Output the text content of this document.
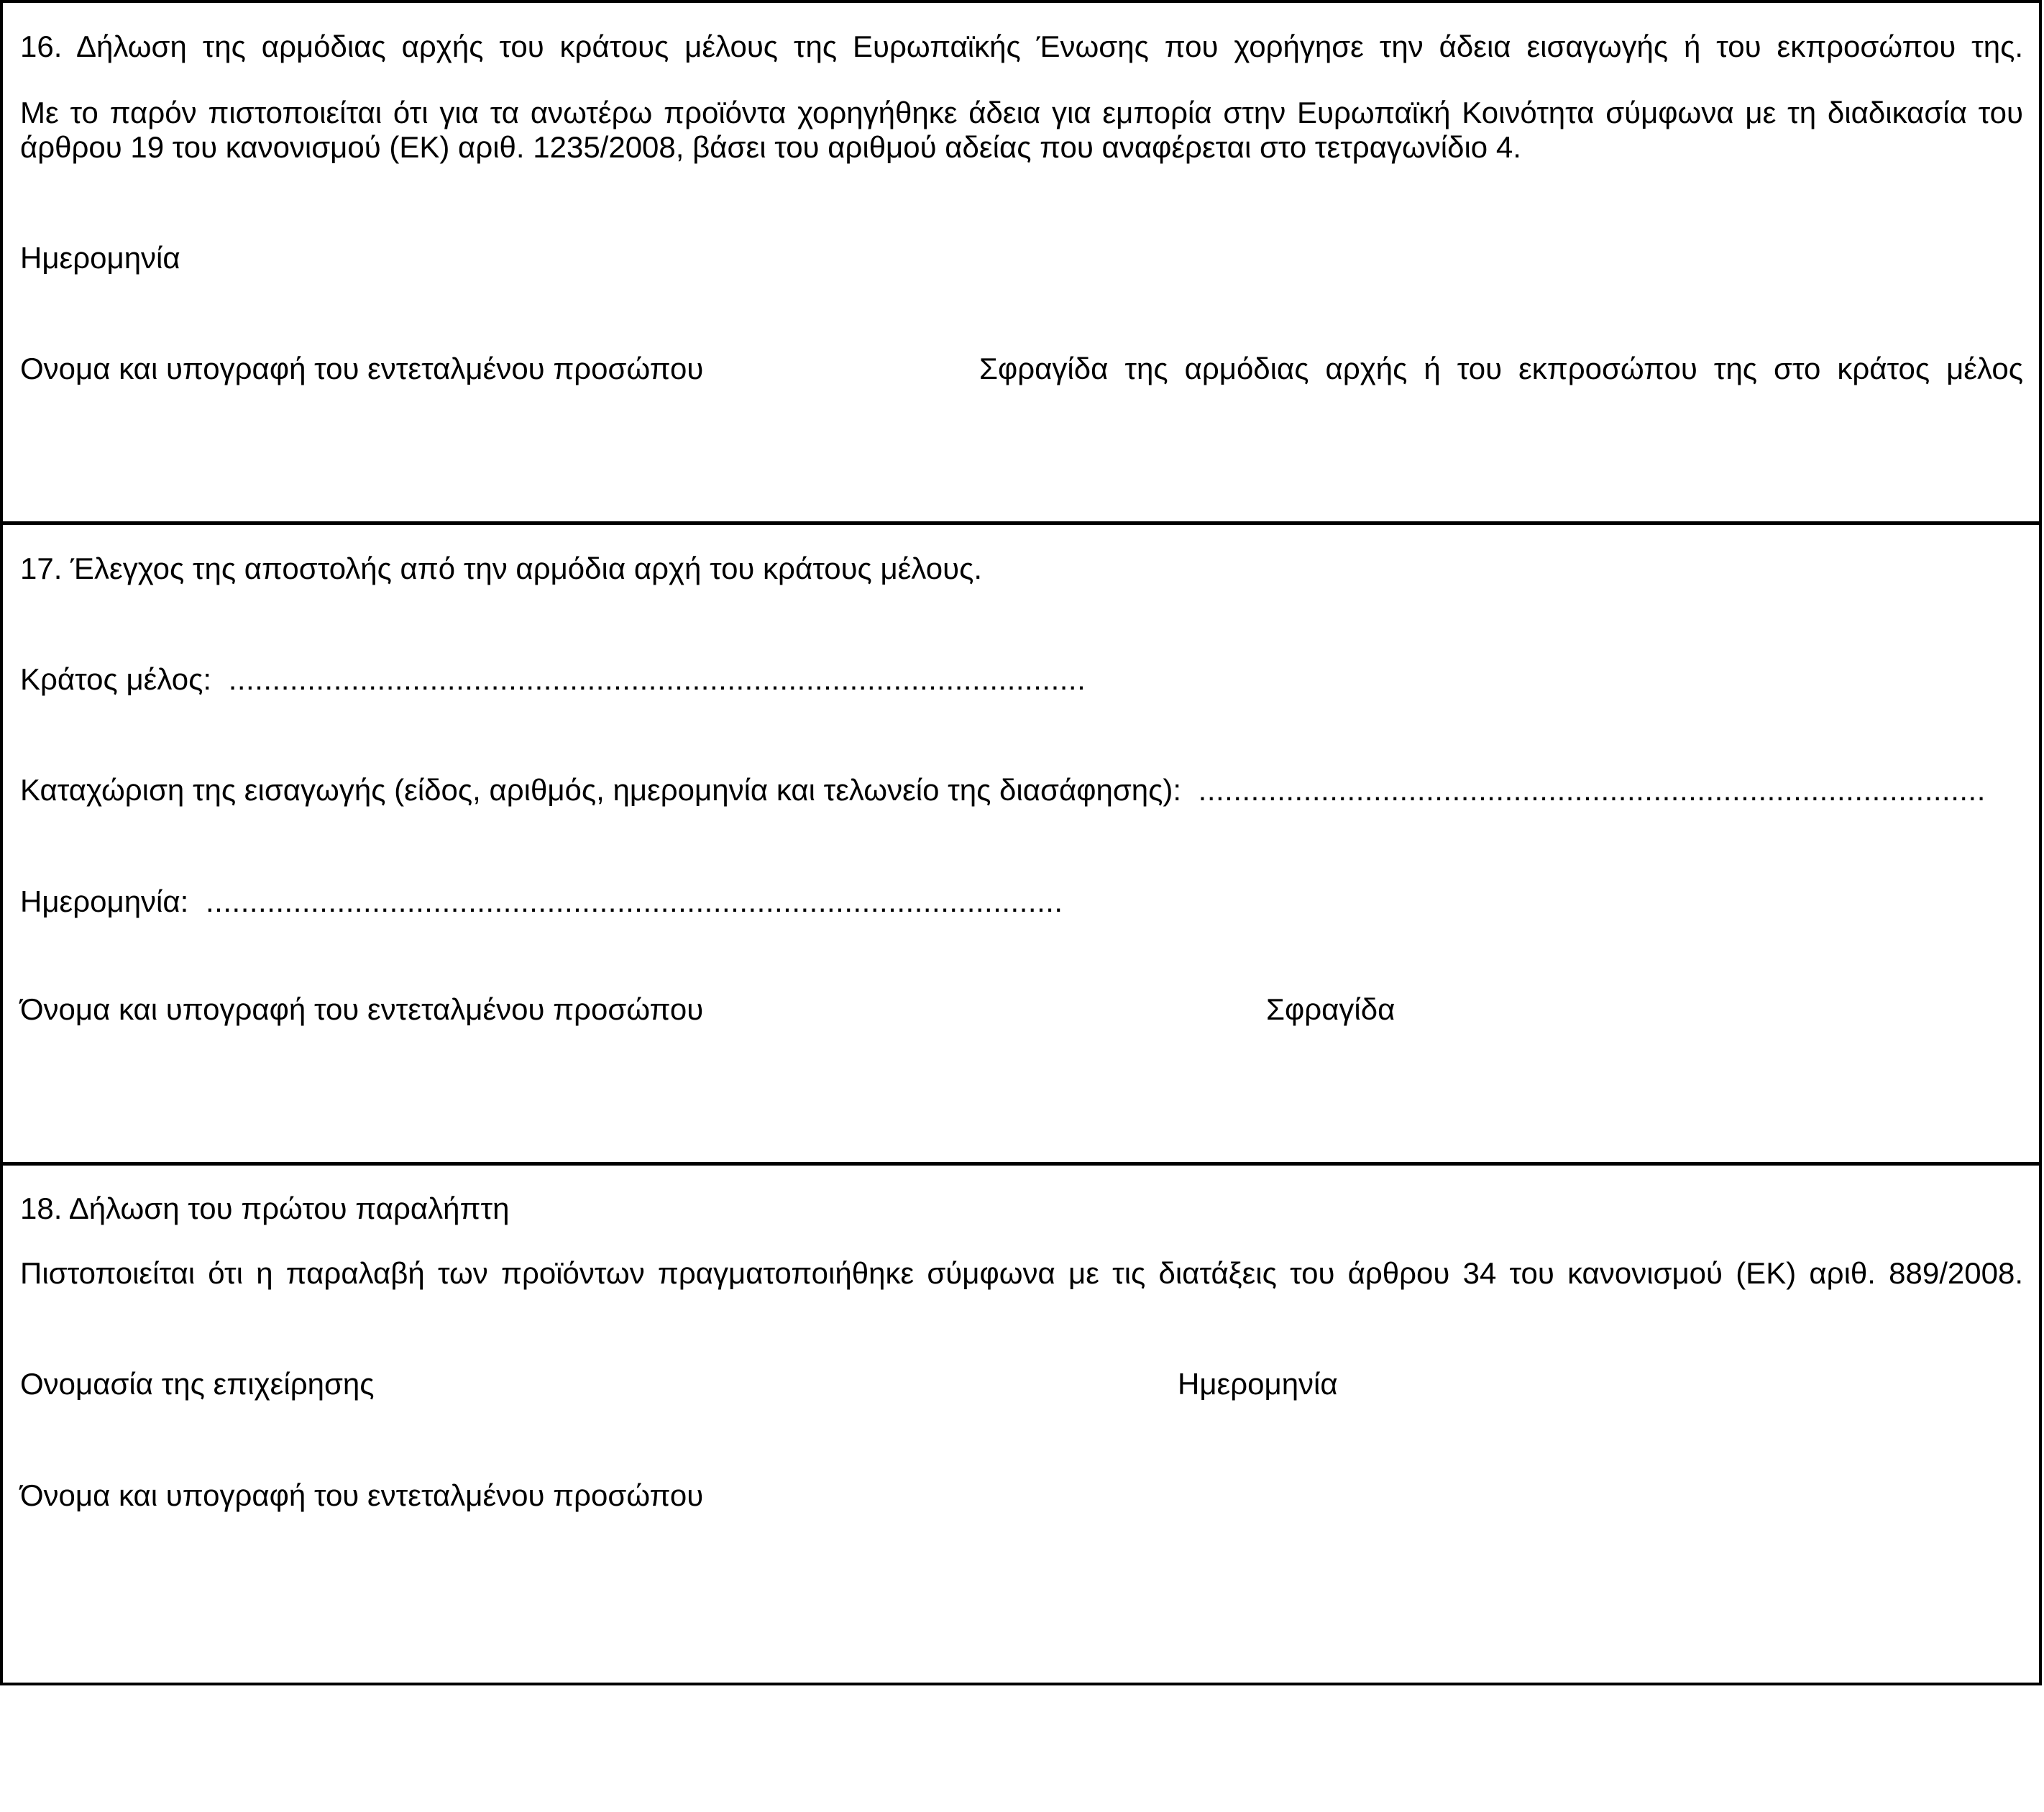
16. Δήλωση της αρμόδιας αρχής του κράτους μέλους της Ευρωπαϊκής Ένωσης που χορήγησε την άδεια εισαγωγής ή του εκπροσώπου της.
Με το παρόν πιστοποιείται ότι για τα ανωτέρω προϊόντα χορηγήθηκε άδεια για εμπορία στην Ευρωπαϊκή Κοινότητα σύμφωνα με τη διαδικασία του
άρθρου 19 του κανονισμού (ΕΚ) αριθ. 1235/2008, βάσει του αριθμού αδείας που αναφέρεται στο τετραγωνίδιο 4.
Ημερομηνία
Ονομα και υπογραφή του εντεταλμένου προσώπου	Σφραγίδα της αρμόδιας αρχής ή του εκπροσώπου της στο κράτος μέλος
17. Έλεγχος της αποστολής από την αρμόδια αρχή του κράτους μέλους.
Κράτος μέλος: ..................................................................................................
Καταχώριση της εισαγωγής (είδος, αριθμός, ημερομηνία και τελωνείο της διασάφησης): ..........................................................................................
Ημερομηνία: ..................................................................................................
Όνομα και υπογραφή του εντεταλμένου προσώπου	Σφραγίδα
18. Δήλωση του πρώτου παραλήπτη
Πιστοποιείται ότι η παραλαβή των προϊόντων πραγματοποιήθηκε σύμφωνα με τις διατάξεις του άρθρου 34 του κανονισμού (ΕΚ) αριθ. 889/2008.
Ονομασία της επιχείρησης	Ημερομηνία
Όνομα και υπογραφή του εντεταλμένου προσώπου
